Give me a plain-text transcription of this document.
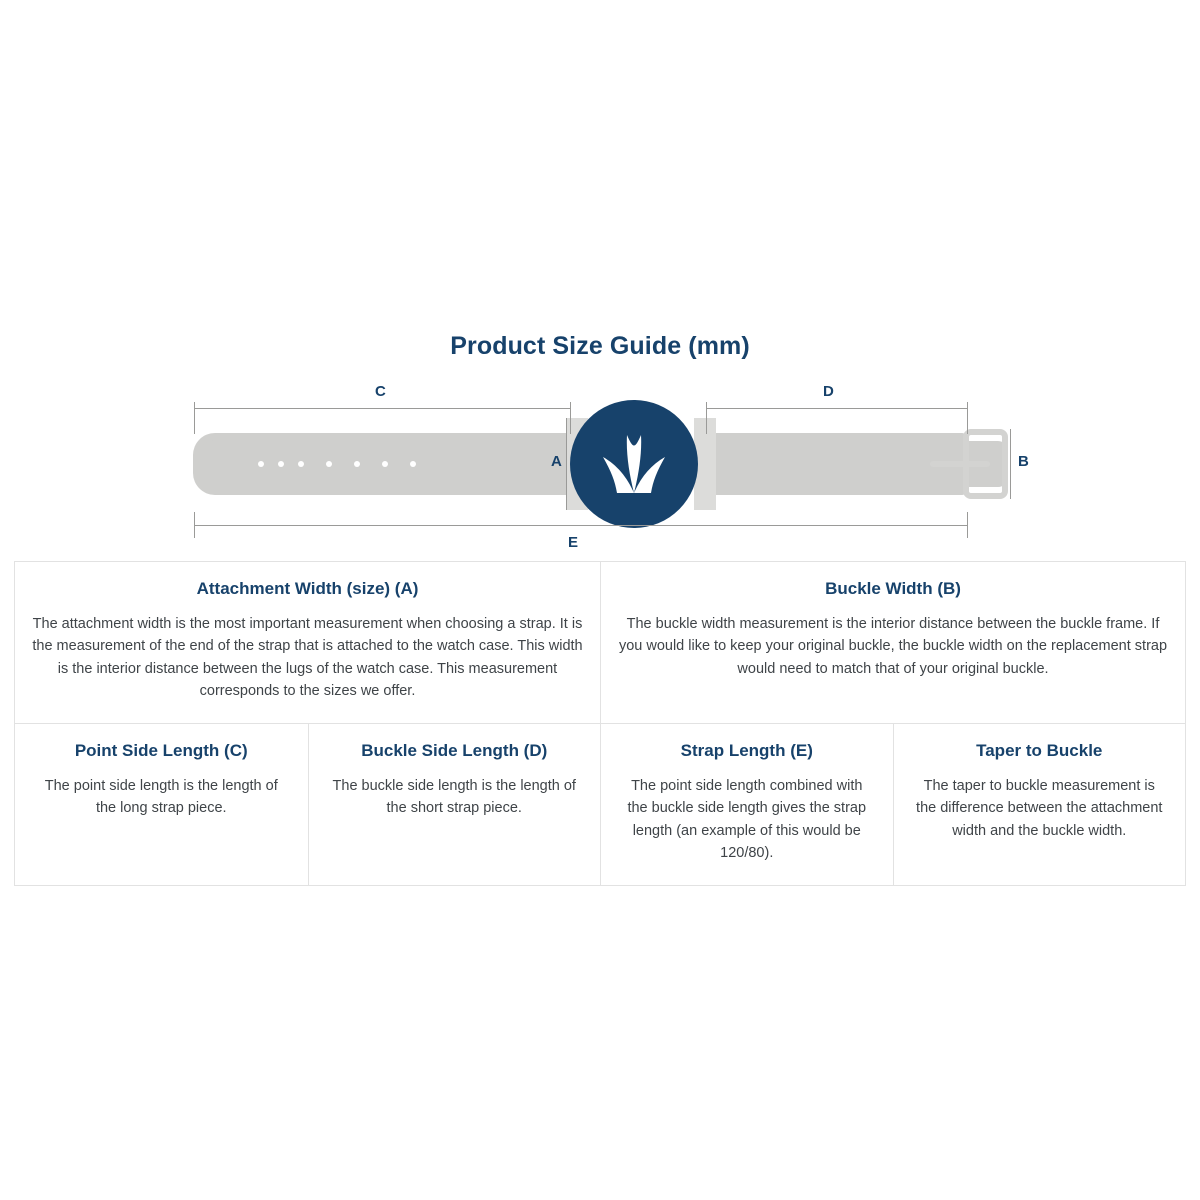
Product Size Guide (mm)
C	D
E
A	B
Attachment Width (size) (A)

The attachment width is the most important measurement when choosing a strap. It is the measurement of the end of the strap that is attached to the watch case. This width is the interior distance between the lugs of the watch case. This measurement corresponds to the sizes we offer.

Buckle Width (B)

The buckle width measurement is the interior distance between the buckle frame. If you would like to keep your original buckle, the buckle width on the replacement strap would need to match that of your original buckle.

Point Side Length (C)

The point side length is the length of the long strap piece.

Buckle Side Length (D)

The buckle side length is the length of the short strap piece.

Strap Length (E)

The point side length combined with the buckle side length gives the strap length (an example of this would be 120/80).

Taper to Buckle

The taper to buckle measurement is the difference between the attachment width and the buckle width.
